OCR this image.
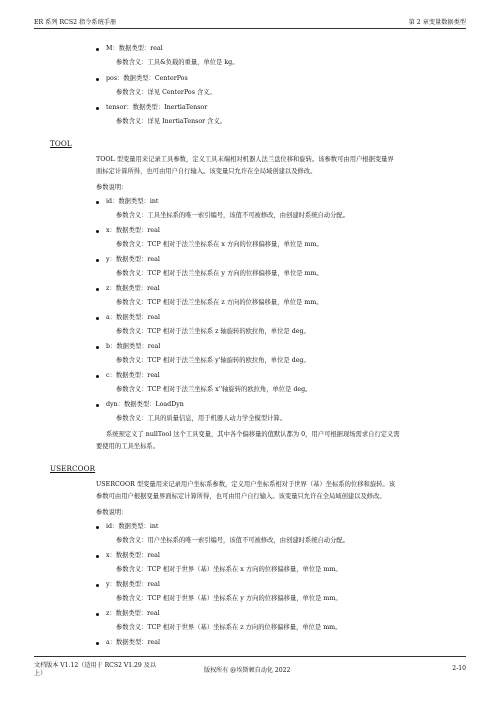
ER 系列 RCS2 指令系统手册	第 2 章变量数据类型
M：数据类型：real
参数含义：工具&负载的重量，单位是 kg。
pos：数据类型：CenterPos
参数含义：详见 CenterPos 含义。
tensor：数据类型：InertiaTensor
参数含义：详见 InertiaTensor 含义。
TOOL
TOOL 型变量用来记录工具参数，定义工具末端相对机器人法兰盘位移和旋转。该参数可由用户根据变量界
面标定计算所得，也可由用户自行输入。该变量只允许在全局域创建以及修改。
参数说明：
id：数据类型：int
参数含义：工具坐标系的唯一索引编号，该值不可被修改，由创建时系统自动分配。
x：数据类型：real
参数含义：TCP 相对于法兰坐标系在 x 方向的位移偏移量，单位是 mm。
y：数据类型：real
参数含义：TCP 相对于法兰坐标系在 y 方向的位移偏移量，单位是 mm。
z：数据类型：real
参数含义：TCP 相对于法兰坐标系在 z 方向的位移偏移量，单位是 mm。
a：数据类型：real
参数含义：TCP 相对于法兰坐标系 z 轴旋转的欧拉角，单位是 deg。
b：数据类型：real
参数含义：TCP 相对于法兰坐标系 y'轴旋转的欧拉角，单位是 deg。
c：数据类型：real
参数含义：TCP 相对于法兰坐标系 x''轴旋转的欧拉角，单位是 deg。
dyn：数据类型：LoadDyn
参数含义：工具的质量信息，用于机器人动力学全模型计算。
系统预定义了 nullTool 这个工具变量，其中各个偏移量的值默认都为 0，用户可根据现场需求自行定义需
要使用的工具坐标系。
USERCOOR
USERCOOR 型变量用来记录用户坐标系参数，定义用户坐标系相对于世界（基）坐标系的位移和旋转。该
参数可由用户根据变量界面标定计算所得，也可由用户自行输入。该变量只允许在全局域创建以及修改。
参数说明：
id：数据类型：int
参数含义：用户坐标系的唯一索引编号，该值不可被修改，由创建时系统自动分配。
x：数据类型：real
参数含义：TCP 相对于世界（基）坐标系在 x 方向的位移偏移量，单位是 mm。
y：数据类型：real
参数含义：TCP 相对于世界（基）坐标系在 y 方向的位移偏移量，单位是 mm。
z：数据类型：real
参数含义：TCP 相对于世界（基）坐标系在 z 方向的位移偏移量，单位是 mm。
a：数据类型：real
文档版本 V1.12（适用于 RCS2 V1.29 及以
上）	版权所有 @埃斯顿自动化 2022	2-10
